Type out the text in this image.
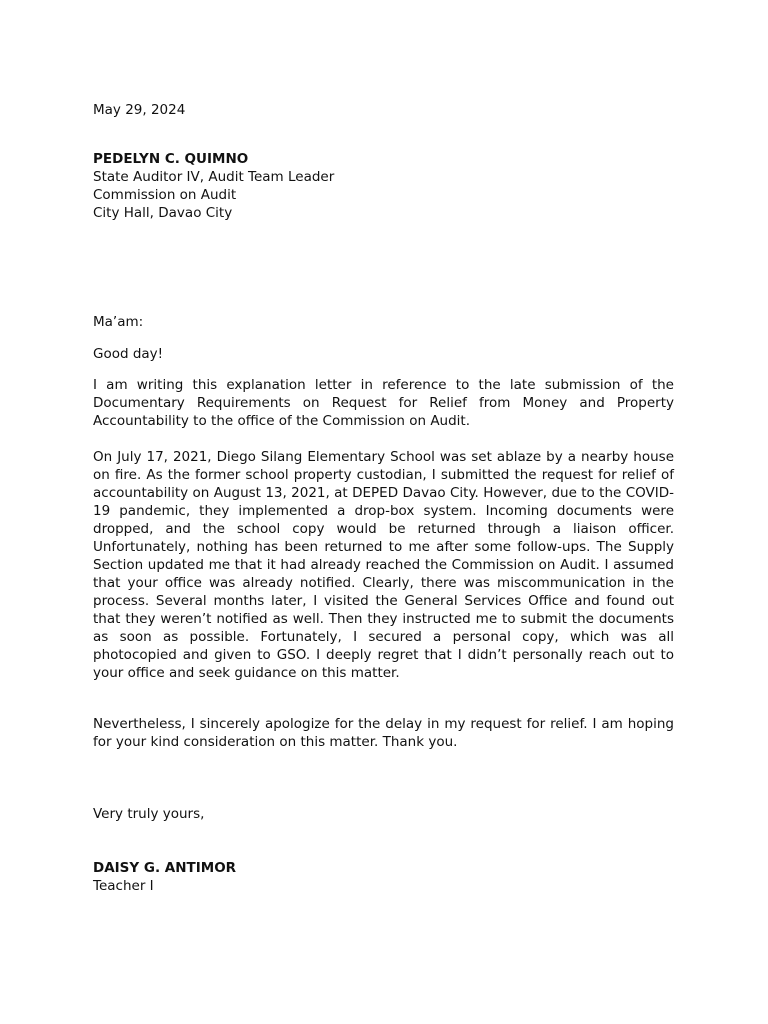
May 29, 2024
PEDELYN C. QUIMNO
State Auditor IV, Audit Team Leader
Commission on Audit
City Hall, Davao City
Ma’am:
Good day!
I am writing this explanation letter in reference to the late submission of the Documentary Requirements on Request for Relief from Money and Property Accountability to the office of the Commission on Audit.
On July 17, 2021, Diego Silang Elementary School was set ablaze by a nearby house on fire. As the former school property custodian, I submitted the request for relief of accountability on August 13, 2021, at DEPED Davao City. However, due to the COVID-19 pandemic, they implemented a drop-box system. Incoming documents were dropped, and the school copy would be returned through a liaison officer. Unfortunately, nothing has been returned to me after some follow-ups. The Supply Section updated me that it had already reached the Commission on Audit. I assumed that your office was already notified. Clearly, there was miscommunication in the process. Several months later, I visited the General Services Office and found out that they weren’t notified as well. Then they instructed me to submit the documents as soon as possible. Fortunately, I secured a personal copy, which was all photocopied and given to GSO. I deeply regret that I didn’t personally reach out to your office and seek guidance on this matter.
Nevertheless, I sincerely apologize for the delay in my request for relief. I am hoping for your kind consideration on this matter. Thank you.
Very truly yours,
DAISY G. ANTIMOR
Teacher I
